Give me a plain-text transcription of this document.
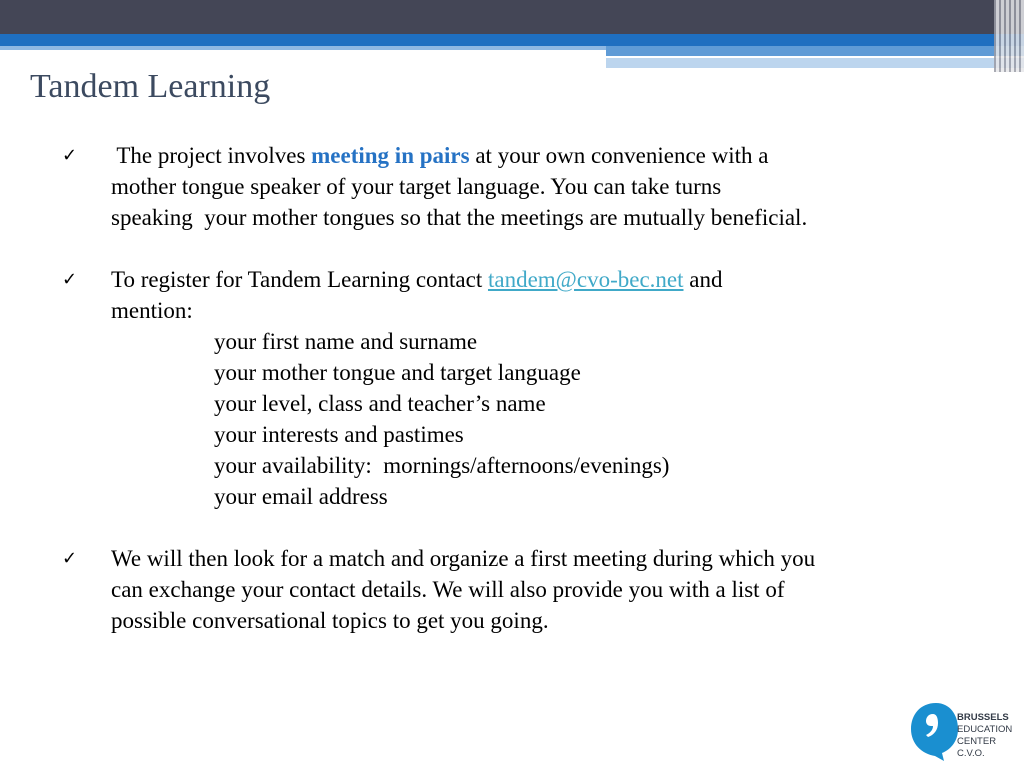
Tandem Learning
✓ The project involves meeting in pairs at your own convenience with a
mother tongue speaker of your target language. You can take turns
speaking  your mother tongues so that the meetings are mutually beneficial.
✓ To register for Tandem Learning contact tandem@cvo-bec.net and
mention:
your first name and surname
your mother tongue and target language
your level, class and teacher’s name
your interests and pastimes
your availability:  mornings/afternoons/evenings)
your email address
✓ We will then look for a match and organize a first meeting during which you
can exchange your contact details. We will also provide you with a list of
possible conversational topics to get you going.
BRUSSELS
EDUCATION
CENTER
C.V.O.
